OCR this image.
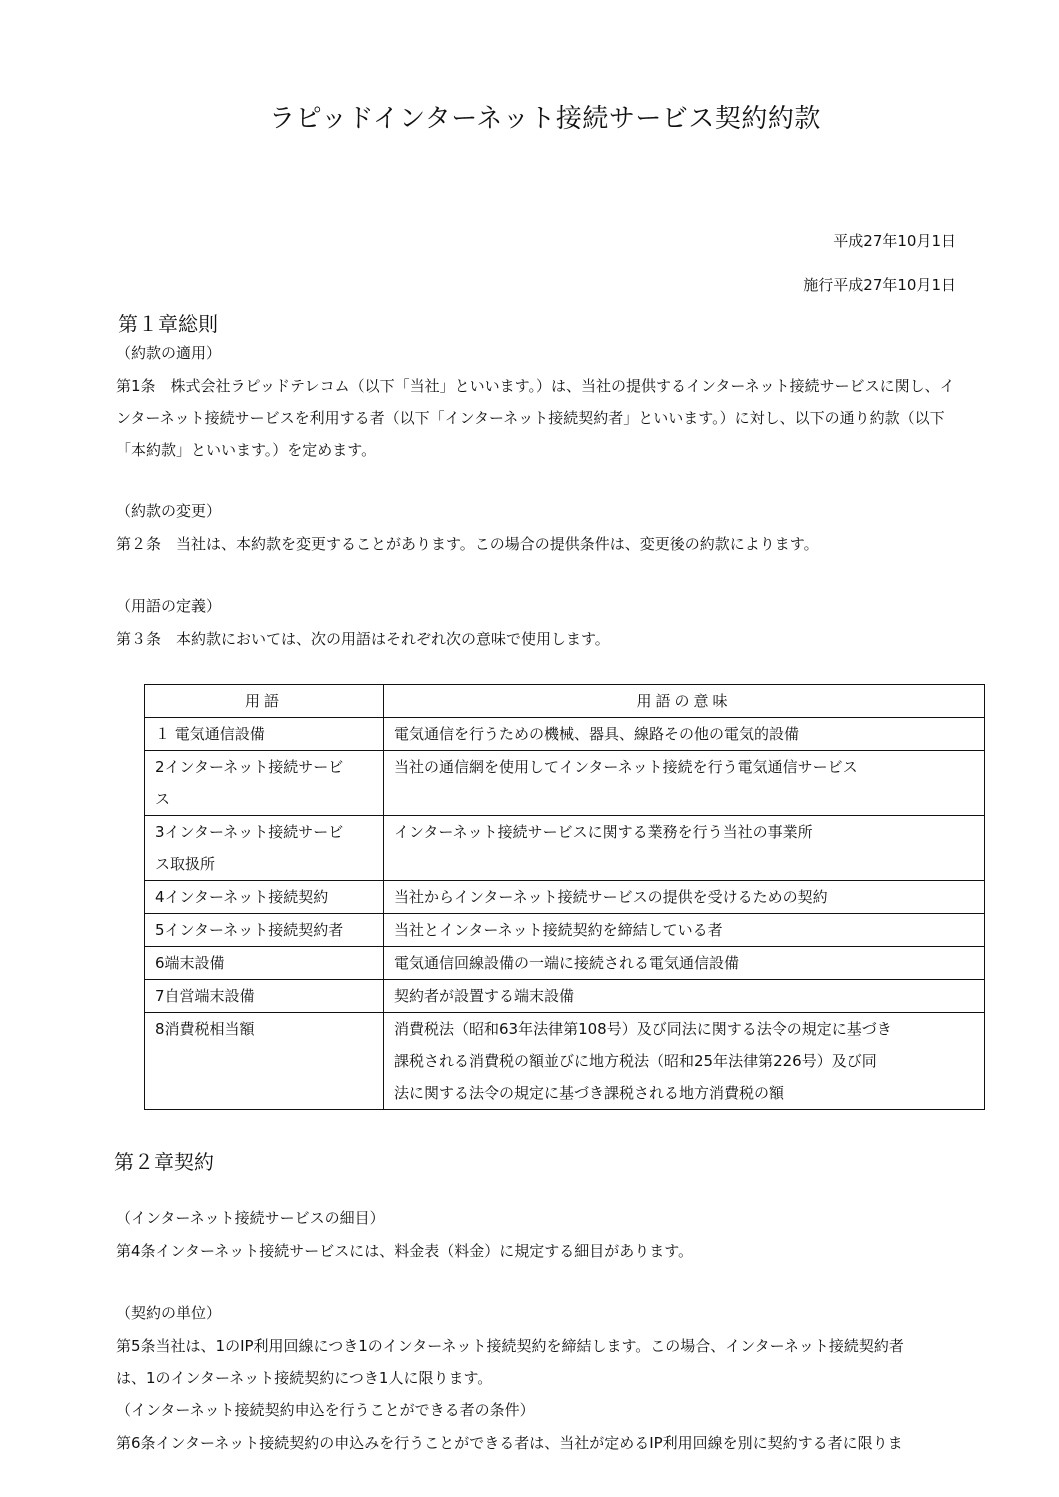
ラピッドインターネット接続サービス契約約款
平成27年10月1日
施行平成27年10月1日
第１章総則
（約款の適用）
第1条　株式会社ラピッドテレコム（以下「当社」といいます。）は、当社の提供するインターネット接続サービスに関し、イ
ンターネット接続サービスを利用する者（以下「インターネット接続契約者」といいます。）に対し、以下の通り約款（以下
「本約款」といいます。）を定めます。
（約款の変更）
第２条　当社は、本約款を変更することがあります。この場合の提供条件は、変更後の約款によります。
（用語の定義）
第３条　本約款においては、次の用語はそれぞれ次の意味で使用します。
用語	用語の意味

１ 電気通信設備	電気通信を行うための機械、器具、線路その他の電気的設備

2インターネット接続サービ
ス	当社の通信網を使用してインターネット接続を行う電気通信サービス

3インターネット接続サービ
ス取扱所	インターネット接続サービスに関する業務を行う当社の事業所

4インターネット接続契約	当社からインターネット接続サービスの提供を受けるための契約

5インターネット接続契約者	当社とインターネット接続契約を締結している者

6端末設備	電気通信回線設備の一端に接続される電気通信設備

7自営端末設備	契約者が設置する端末設備

8消費税相当額	消費税法（昭和63年法律第108号）及び同法に関する法令の規定に基づき
課税される消費税の額並びに地方税法（昭和25年法律第226号）及び同
法に関する法令の規定に基づき課税される地方消費税の額
第２章契約
（インターネット接続サービスの細目）
第4条インターネット接続サービスには、料金表（料金）に規定する細目があります。
（契約の単位）
第5条当社は、1のIP利用回線につき1のインターネット接続契約を締結します。この場合、インターネット接続契約者
は、1のインターネット接続契約につき1人に限ります。
（インターネット接続契約申込を行うことができる者の条件）
第6条インターネット接続契約の申込みを行うことができる者は、当社が定めるIP利用回線を別に契約する者に限りま
